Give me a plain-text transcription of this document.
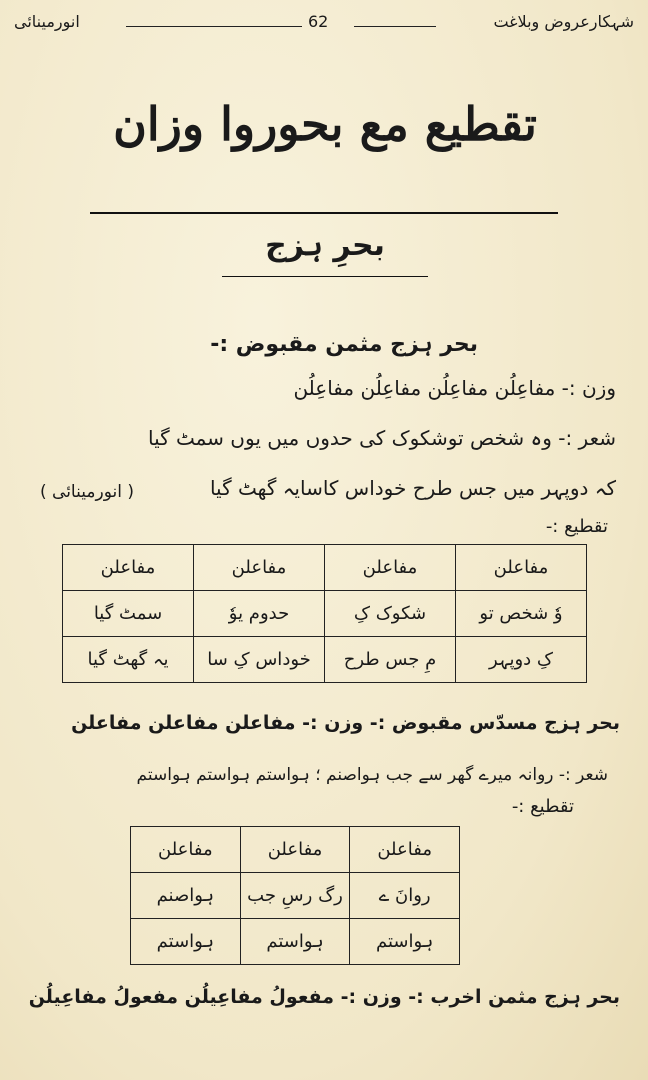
شہکارعروض وبلاغت
62
انورمینائی
تقطیع مع بحوروا وزان
بحرِ ہزج
بحر ہزج مثمن مقبوض :-
وزن :- مفاعِلُن مفاعِلُن مفاعِلُن مفاعِلُن
شعر :- وہ شخص توشکوک کی حدوں میں یوں سمٹ گیا
کہ دوپہر میں جس طرح خوداس کاسایہ گھٹ گیا
( انورمینائی )
تقطیع :-
مفاعلن	مفاعلن	مفاعلن	مفاعلن
وٗ شخص تو	شکوک کِ	حدوم یوٗ	سمٹ گیا
کِ دوپہر	مِ جس طرح	خوداس کِ سا	یہ گھٹ گیا
بحر ہزج مسدّس مقبوض :- وزن :- مفاعلن مفاعلن مفاعلن
شعر :- روانہ میرے گھر سے جب ہواصنم ؛ ہواستم ہواستم ہواستم
تقطیع :-
مفاعلن	مفاعلن	مفاعلن
روانَ ے	رگ رسِ جب	ہواصنم
ہواستم	ہواستم	ہواستم
بحر ہزج مثمن اخرب :- وزن :- مفعولُ مفاعِیلُن مفعولُ مفاعِیلُن
